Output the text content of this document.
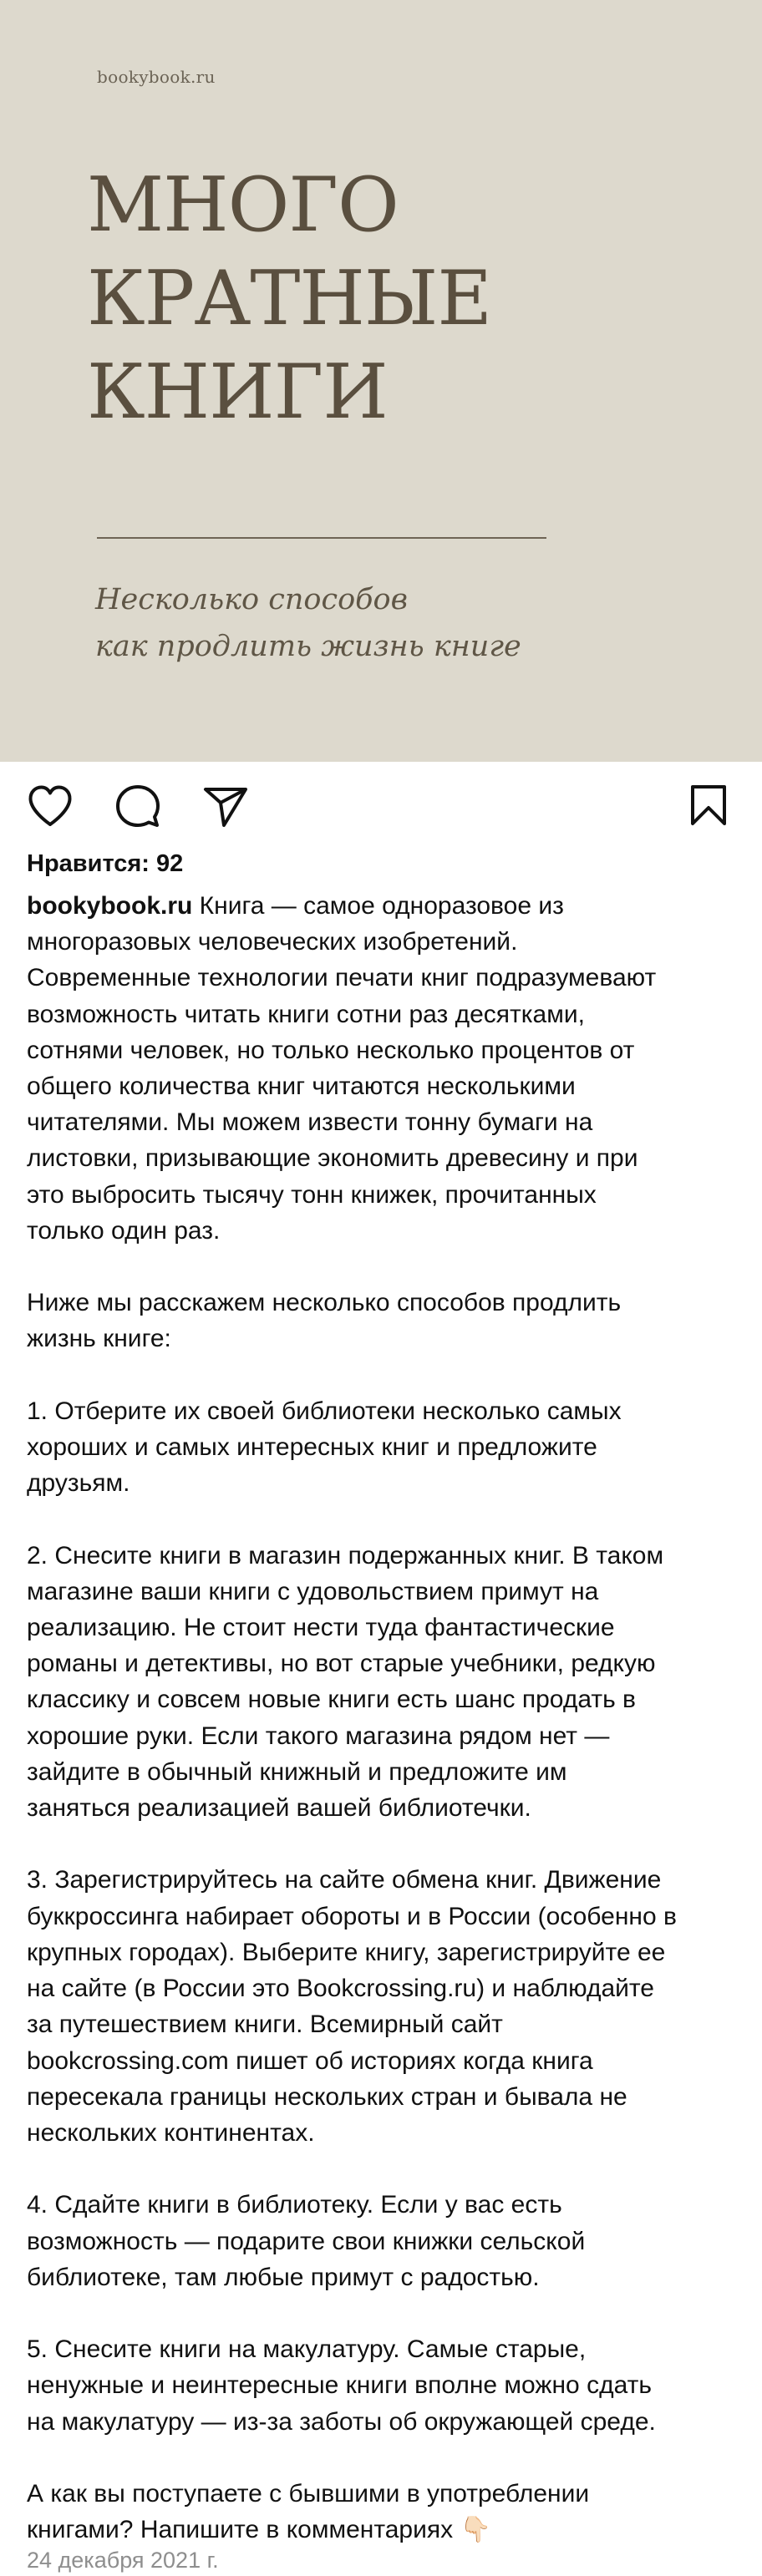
bookybook.ru
МНОГО
КРАТНЫЕ
КНИГИ
Несколько способов
как продлить жизнь книге
Нравится: 92

bookybook.ru Книга — самое одноразовое из
многоразовых человеческих изобретений.
Современные технологии печати книг подразумевают
возможность читать книги сотни раз десятками,
сотнями человек, но только несколько процентов от
общего количества книг читаются несколькими
читателями. Мы можем извести тонну бумаги на
листовки, призывающие экономить древесину и при
это выбросить тысячу тонн книжек, прочитанных
только один раз.

Ниже мы расскажем несколько способов продлить
жизнь книге:

1. Отберите их своей библиотеки несколько самых
хороших и самых интересных книг и предложите
друзьям.

2. Снесите книги в магазин подержанных книг. В таком
магазине ваши книги с удовольствием примут на
реализацию. Не стоит нести туда фантастические
романы и детективы, но вот старые учебники, редкую
классику и совсем новые книги есть шанс продать в
хорошие руки. Если такого магазина рядом нет —
зайдите в обычный книжный и предложите им
заняться реализацией вашей библиотечки.

3. Зарегистрируйтесь на сайте обмена книг. Движение
буккроссинга набирает обороты и в России (особенно в
крупных городах). Выберите книгу, зарегистрируйте ее
на сайте (в России это Bookcrossing.ru) и наблюдайте
за путешествием книги. Всемирный сайт
bookcrossing.com пишет об историях когда книга
пересекала границы нескольких стран и бывала не
нескольких континентах.

4. Сдайте книги в библиотеку. Если у вас есть
возможность — подарите свои книжки сельской
библиотеке, там любые примут с радостью.

5. Снесите книги на макулатуру. Самые старые,
ненужные и неинтересные книги вполне можно сдать
на макулатуру — из-за заботы об окружающей среде.

А как вы поступаете с бывшими в употреблении
книгами? Напишите в комментариях 👇🏻

24 декабря 2021 г.
